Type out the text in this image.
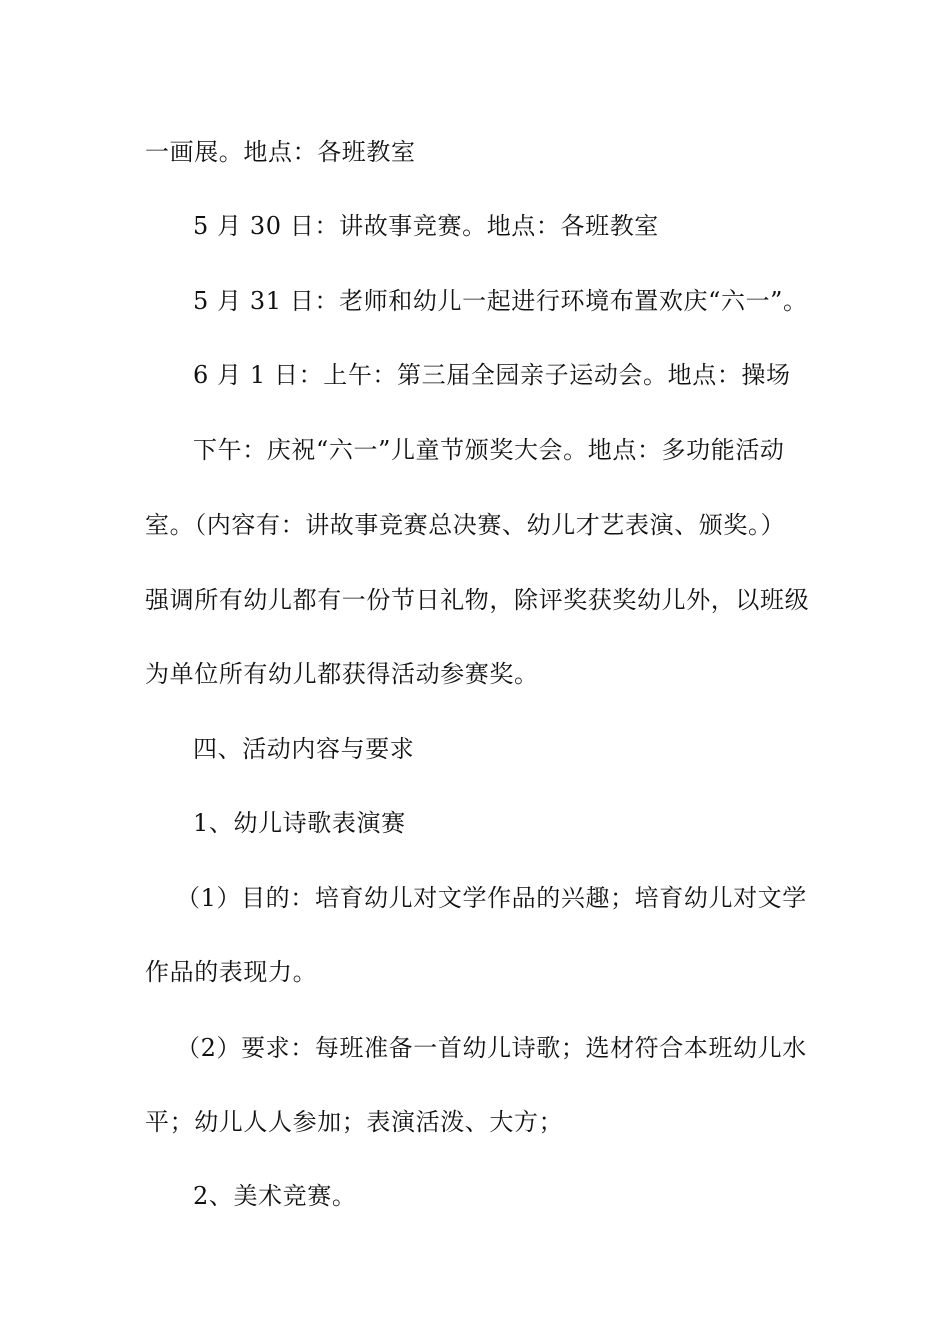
一画展。地点：各班教室
5 月 30 日：讲故事竞赛。地点：各班教室
5 月 31 日：老师和幼儿一起进行环境布置欢庆“六一”。
6 月 1 日：上午：第三届全园亲子运动会。地点：操场
下午：庆祝“六一”儿童节颁奖大会。地点：多功能活动
室。（内容有：讲故事竞赛总决赛、幼儿才艺表演、颁奖。）
强调所有幼儿都有一份节日礼物，除评奖获奖幼儿外，以班级
为单位所有幼儿都获得活动参赛奖。
四、活动内容与要求
1、幼儿诗歌表演赛
（1）目的：培育幼儿对文学作品的兴趣；培育幼儿对文学
作品的表现力。
（2）要求：每班准备一首幼儿诗歌；选材符合本班幼儿水
平；幼儿人人参加；表演活泼、大方；
2、美术竞赛。
